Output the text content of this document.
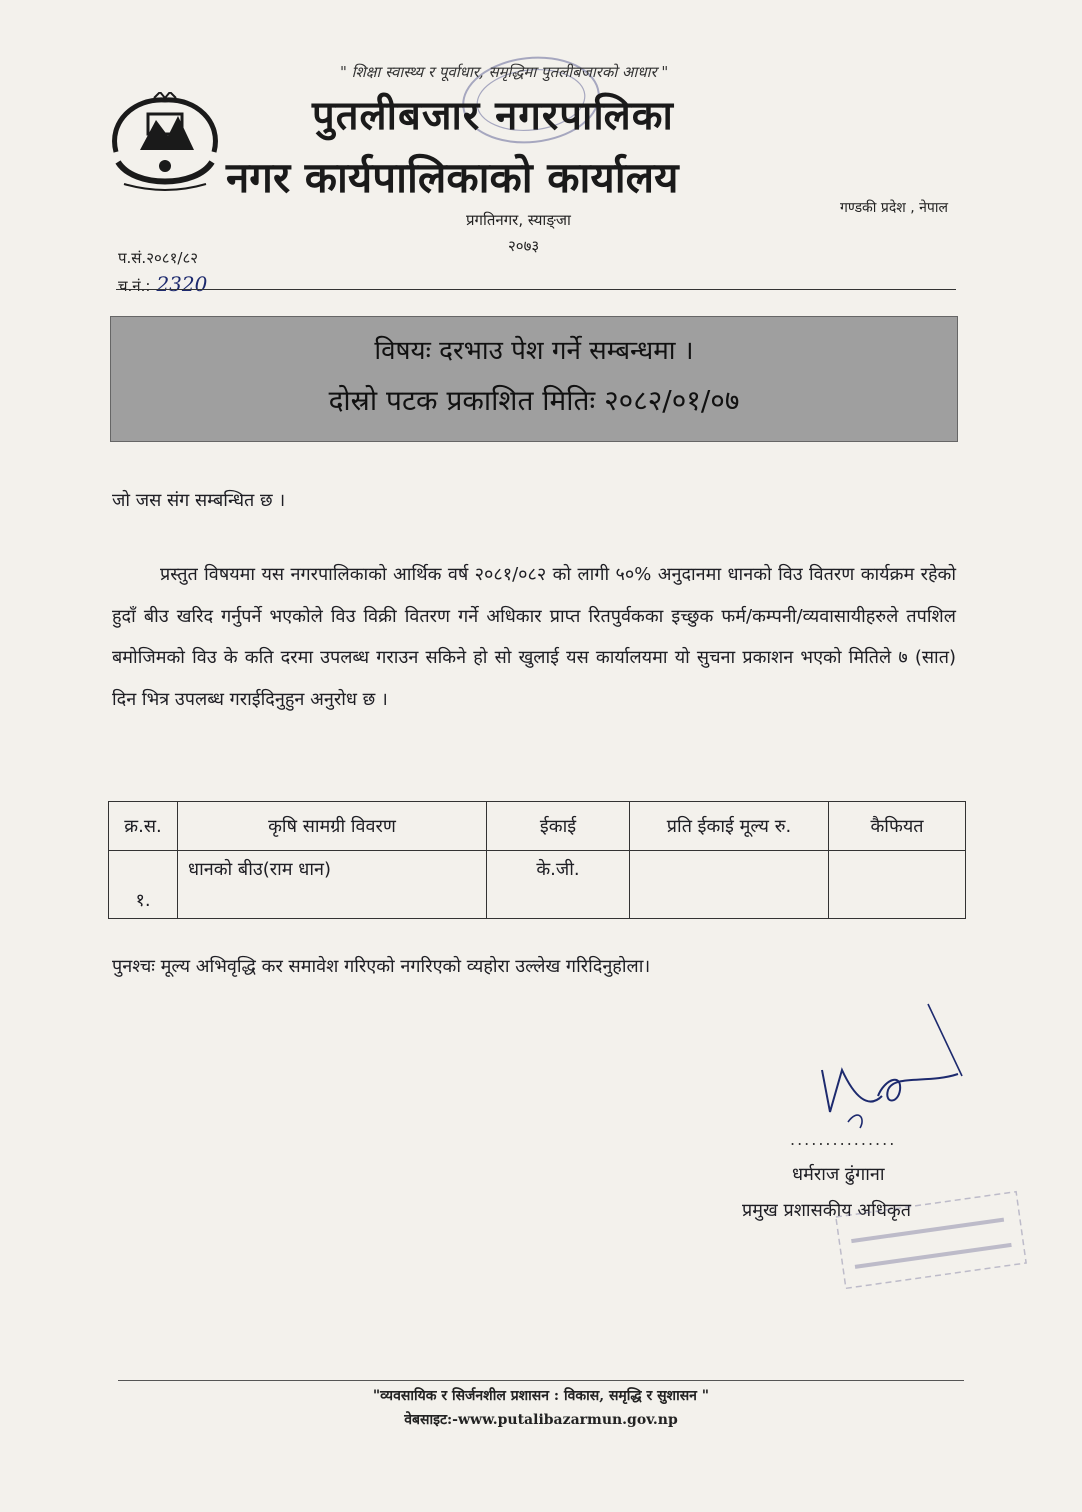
" शिक्षा स्वास्थ्य र पूर्वाधार, समृद्धिमा पुतलीबजारको आधार "
पुतलीबजार नगरपालिका
नगर कार्यपालिकाको कार्यालय
गण्डकी प्रदेश , नेपाल
प्रगतिनगर, स्याङ्जा
२०७३
प.सं.२०८१/८२
च.नं.: 2320
विषयः दरभाउ पेश गर्ने सम्बन्धमा ।
दोस्रो पटक प्रकाशित मितिः २०८२/०१/०७
जो जस संग सम्बन्धित छ ।
प्रस्तुत विषयमा यस नगरपालिकाको आर्थिक वर्ष २०८१/०८२ को लागी ५०% अनुदानमा धानको विउ वितरण कार्यक्रम रहेको हुदाँ बीउ खरिद गर्नुपर्ने भएकोले विउ विक्री वितरण गर्ने अधिकार प्राप्त रितपुर्वकका इच्छुक फर्म/कम्पनी/व्यवासायीहरुले तपशिल बमोजिमको विउ के कति दरमा उपलब्ध गराउन सकिने हो सो खुलाई यस कार्यालयमा यो सुचना प्रकाशन भएको मितिले ७ (सात) दिन भित्र उपलब्ध गराईदिनुहुन अनुरोध छ ।
क्र.स.	कृषि सामग्री विवरण	ईकाई	प्रति ईकाई मूल्य रु.	कैफियत
१.	धानको बीउ(राम धान)	के.जी.		
पुनश्चः मूल्य अभिवृद्धि कर समावेश गरिएको नगरिएको व्यहोरा उल्लेख गरिदिनुहोला।
...............
धर्मराज ढुंगाना
प्रमुख प्रशासकीय अधिकृत
"व्यवसायिक र सिर्जनशील प्रशासन : विकास, समृद्धि र सुशासन "
वेबसाइट:-www.putalibazarmun.gov.np
